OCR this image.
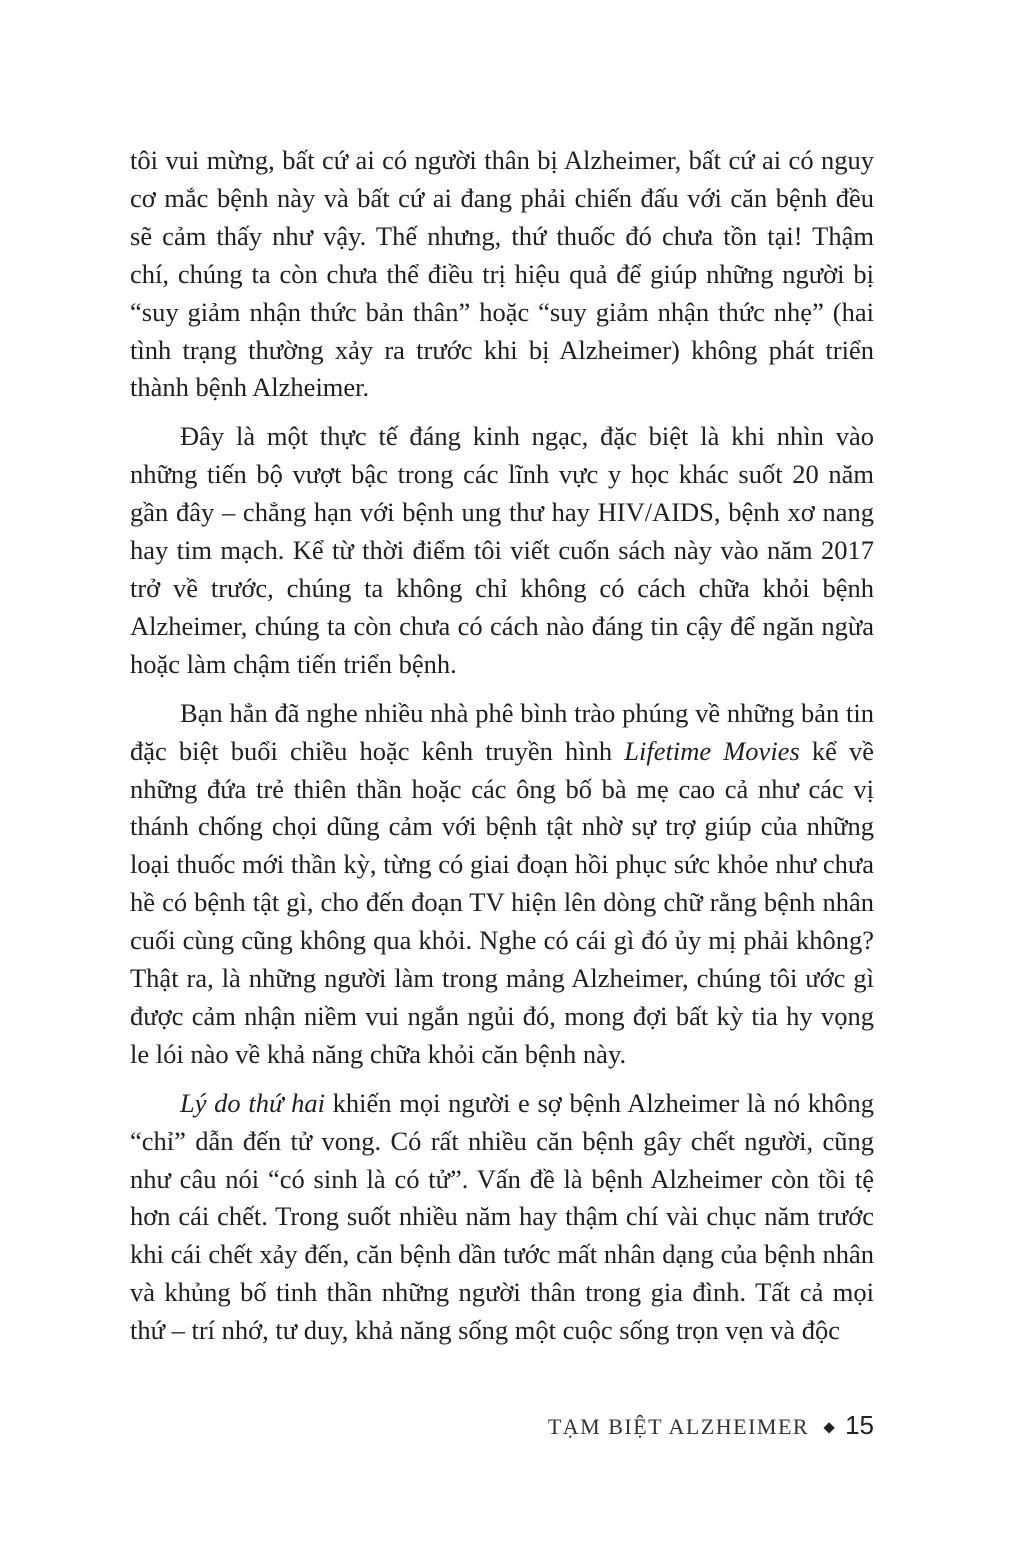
tôi vui mừng, bất cứ ai có người thân bị Alzheimer, bất cứ ai có nguy cơ mắc bệnh này và bất cứ ai đang phải chiến đấu với căn bệnh đều sẽ cảm thấy như vậy. Thế nhưng, thứ thuốc đó chưa tồn tại! Thậm chí, chúng ta còn chưa thể điều trị hiệu quả để giúp những người bị “suy giảm nhận thức bản thân” hoặc “suy giảm nhận thức nhẹ” (hai tình trạng thường xảy ra trước khi bị Alzheimer) không phát triển thành bệnh Alzheimer.

Đây là một thực tế đáng kinh ngạc, đặc biệt là khi nhìn vào những tiến bộ vượt bậc trong các lĩnh vực y học khác suốt 20 năm gần đây – chẳng hạn với bệnh ung thư hay HIV/AIDS, bệnh xơ nang hay tim mạch. Kể từ thời điểm tôi viết cuốn sách này vào năm 2017 trở về trước, chúng ta không chỉ không có cách chữa khỏi bệnh Alzheimer, chúng ta còn chưa có cách nào đáng tin cậy để ngăn ngừa hoặc làm chậm tiến triển bệnh.

Bạn hẳn đã nghe nhiều nhà phê bình trào phúng về những bản tin đặc biệt buổi chiều hoặc kênh truyền hình Lifetime Movies kể về những đứa trẻ thiên thần hoặc các ông bố bà mẹ cao cả như các vị thánh chống chọi dũng cảm với bệnh tật nhờ sự trợ giúp của những loại thuốc mới thần kỳ, từng có giai đoạn hồi phục sức khỏe như chưa hề có bệnh tật gì, cho đến đoạn TV hiện lên dòng chữ rằng bệnh nhân cuối cùng cũng không qua khỏi. Nghe có cái gì đó ủy mị phải không? Thật ra, là những người làm trong mảng Alzheimer, chúng tôi ước gì được cảm nhận niềm vui ngắn ngủi đó, mong đợi bất kỳ tia hy vọng le lói nào về khả năng chữa khỏi căn bệnh này.

Lý do thứ hai khiến mọi người e sợ bệnh Alzheimer là nó không “chỉ” dẫn đến tử vong. Có rất nhiều căn bệnh gây chết người, cũng như câu nói “có sinh là có tử”. Vấn đề là bệnh Alzheimer còn tồi tệ hơn cái chết. Trong suốt nhiều năm hay thậm chí vài chục năm trước khi cái chết xảy đến, căn bệnh dần tước mất nhân dạng của bệnh nhân và khủng bố tinh thần những người thân trong gia đình. Tất cả mọi thứ – trí nhớ, tư duy, khả năng sống một cuộc sống trọn vẹn và độc

TẠM BIỆT ALZHEIMER 15
